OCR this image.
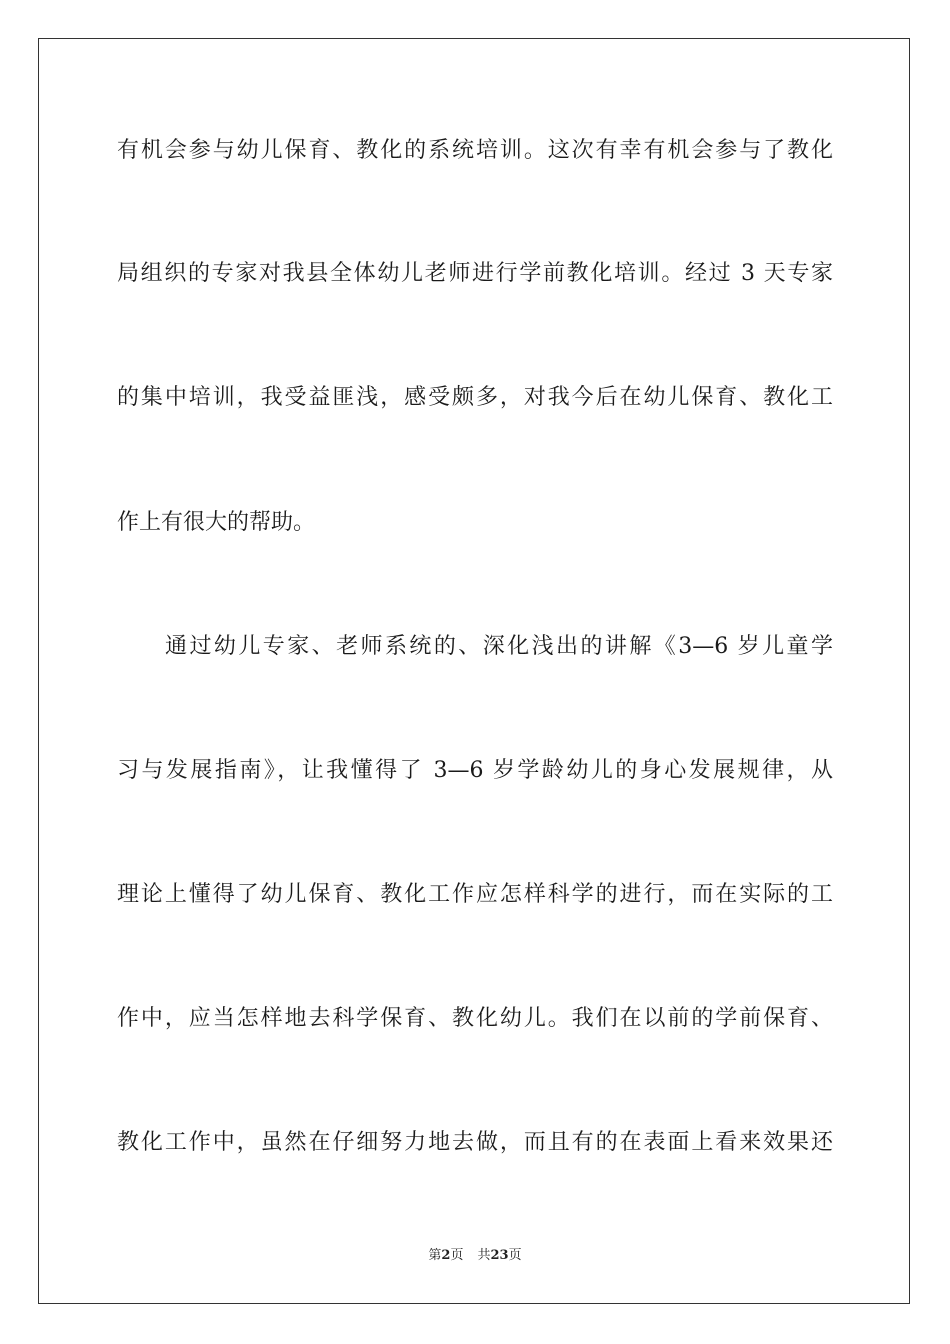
有机会参与幼儿保育、教化的系统培训。这次有幸有机会参与了教化
局组织的专家对我县全体幼儿老师进行学前教化培训。经过 3 天专家
的集中培训，我受益匪浅，感受颇多，对我今后在幼儿保育、教化工
作上有很大的帮助。
通过幼儿专家、老师系统的、深化浅出的讲解《3—6 岁儿童学
习与发展指南》，让我懂得了 3—6 岁学龄幼儿的身心发展规律，从
理论上懂得了幼儿保育、教化工作应怎样科学的进行，而在实际的工
作中，应当怎样地去科学保育、教化幼儿。我们在以前的学前保育、
教化工作中，虽然在仔细努力地去做，而且有的在表面上看来效果还
第2页 共23页
